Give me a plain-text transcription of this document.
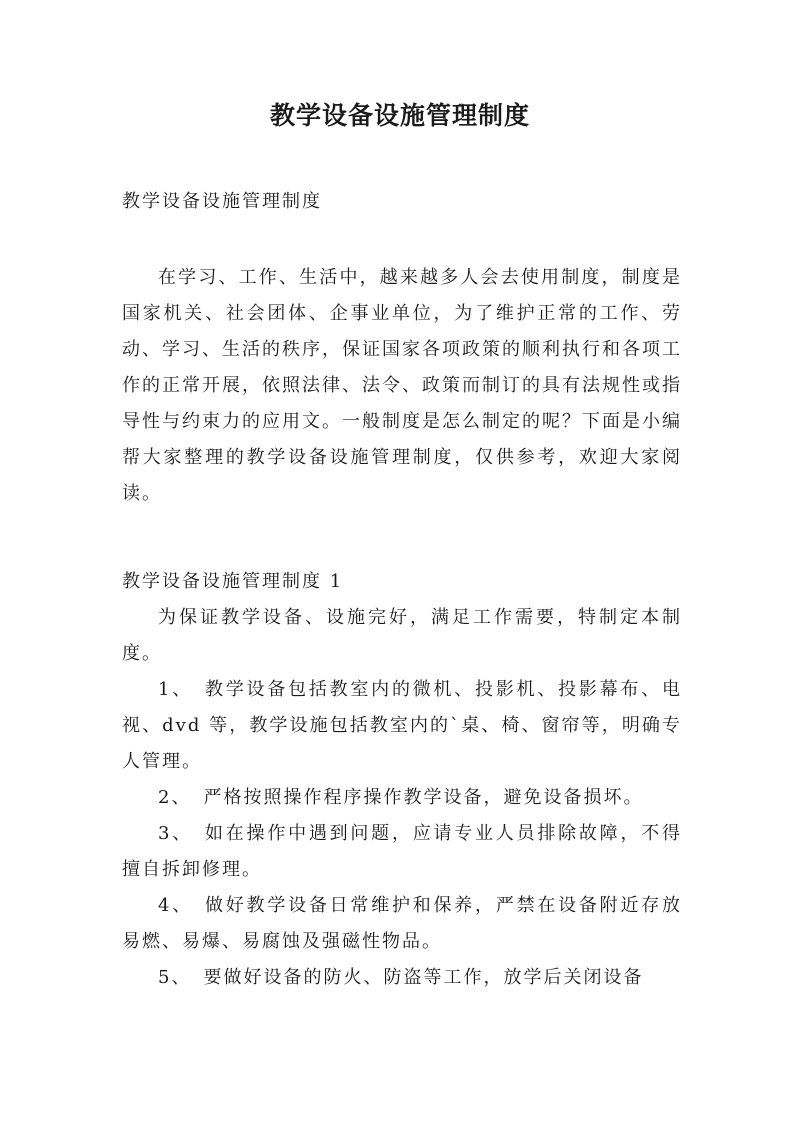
教学设备设施管理制度
教学设备设施管理制度
在学习、工作、生活中，越来越多人会去使用制度，制度是国家机关、社会团体、企事业单位，为了维护正常的工作、劳动、学习、生活的秩序，保证国家各项政策的顺利执行和各项工作的正常开展，依照法律、法令、政策而制订的具有法规性或指导性与约束力的应用文。一般制度是怎么制定的呢？下面是小编帮大家整理的教学设备设施管理制度，仅供参考，欢迎大家阅读。
教学设备设施管理制度 1

为保证教学设备、设施完好，满足工作需要，特制定本制度。

1、 教学设备包括教室内的微机、投影机、投影幕布、电视、dvd 等，教学设施包括教室内的`桌、椅、窗帘等，明确专人管理。

2、 严格按照操作程序操作教学设备，避免设备损坏。

3、 如在操作中遇到问题，应请专业人员排除故障，不得擅自拆卸修理。

4、 做好教学设备日常维护和保养，严禁在设备附近存放易燃、易爆、易腐蚀及强磁性物品。

5、 要做好设备的防火、防盗等工作，放学后关闭设备
